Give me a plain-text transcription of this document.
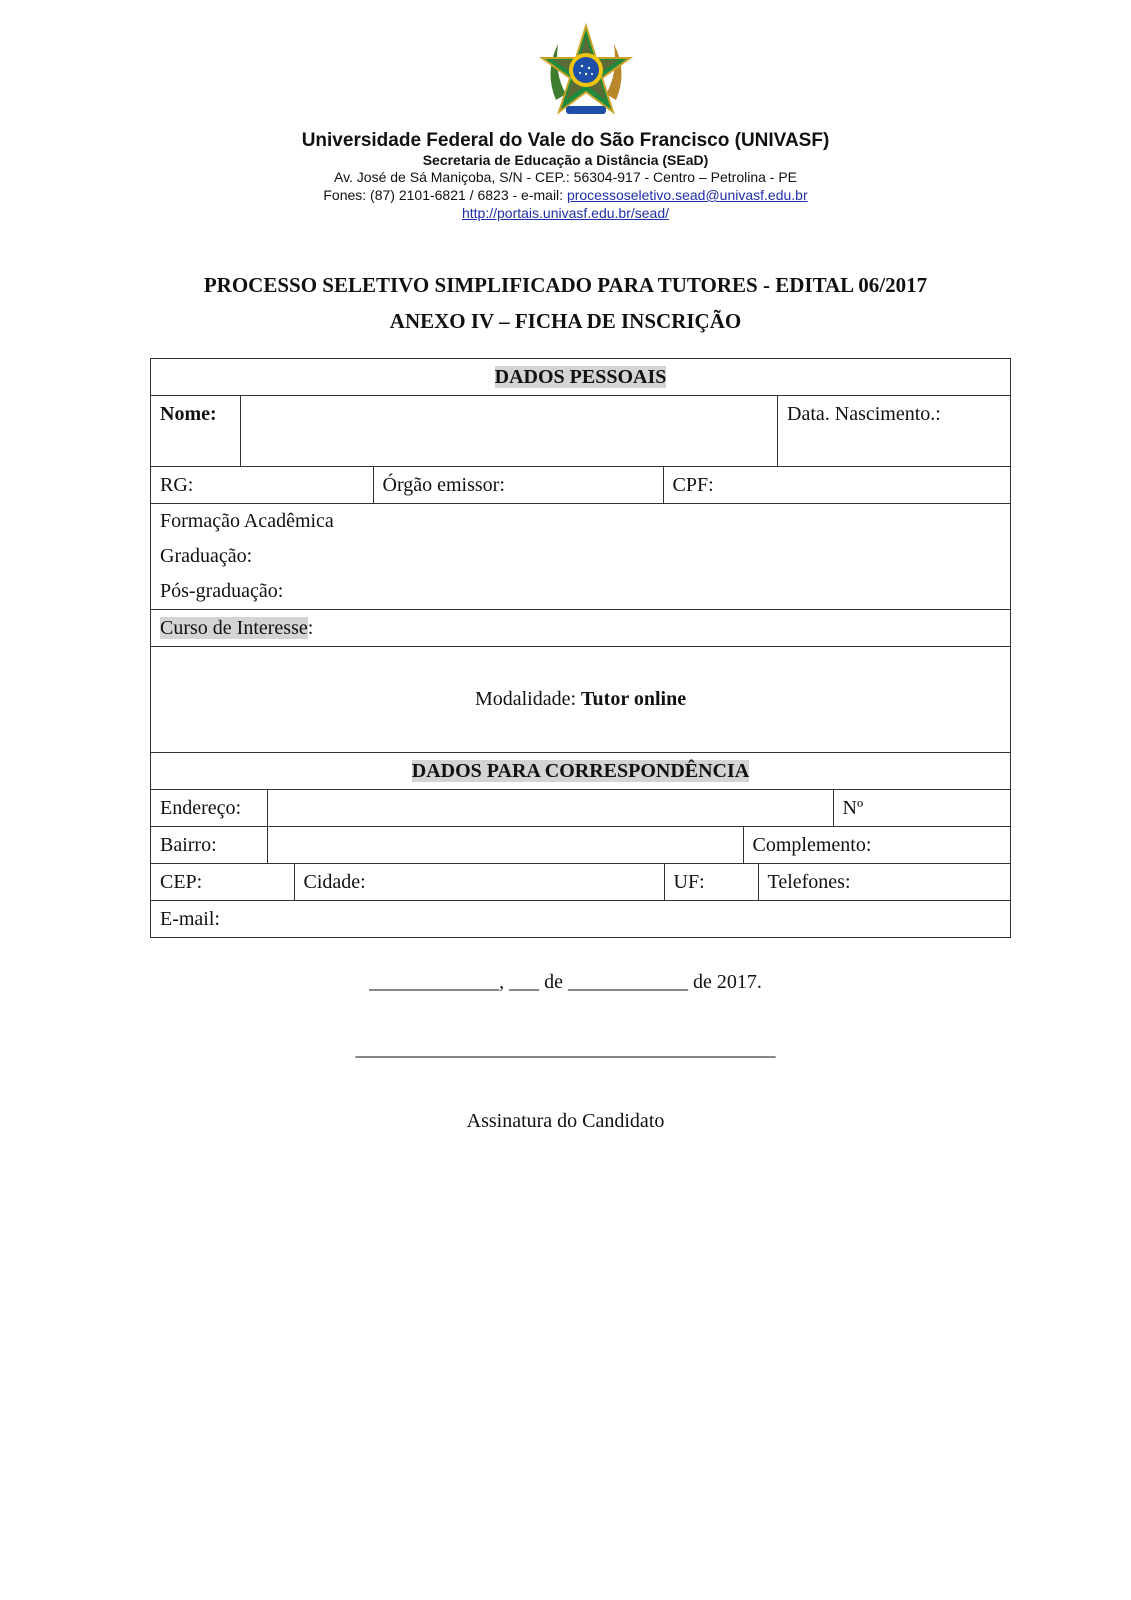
Universidade Federal do Vale do São Francisco (UNIVASF)
Secretaria de Educação a Distância (SEaD)
Av. José de Sá Maniçoba, S/N - CEP.: 56304-917 - Centro – Petrolina - PE
Fones: (87) 2101-6821 / 6823 - e-mail: processoseletivo.sead@univasf.edu.br
http://portais.univasf.edu.br/sead/
PROCESSO SELETIVO SIMPLIFICADO PARA TUTORES - EDITAL 06/2017
ANEXO IV – FICHA DE INSCRIÇÃO
DADOS PESSOAIS
Nome:		Data. Nascimento.:

RG:	Órgão emissor:	CPF:

Formação Acadêmica
Graduação:
Pós-graduação:

Curso de Interesse:
Modalidade: Tutor online
DADOS PARA CORRESPONDÊNCIA

Endereço:		Nº

Bairro:		Complemento:

CEP:	Cidade:	UF:	Telefones:

E-mail:
_____________, ___ de ____________ de 2017.
__________________________________________
Assinatura do Candidato
